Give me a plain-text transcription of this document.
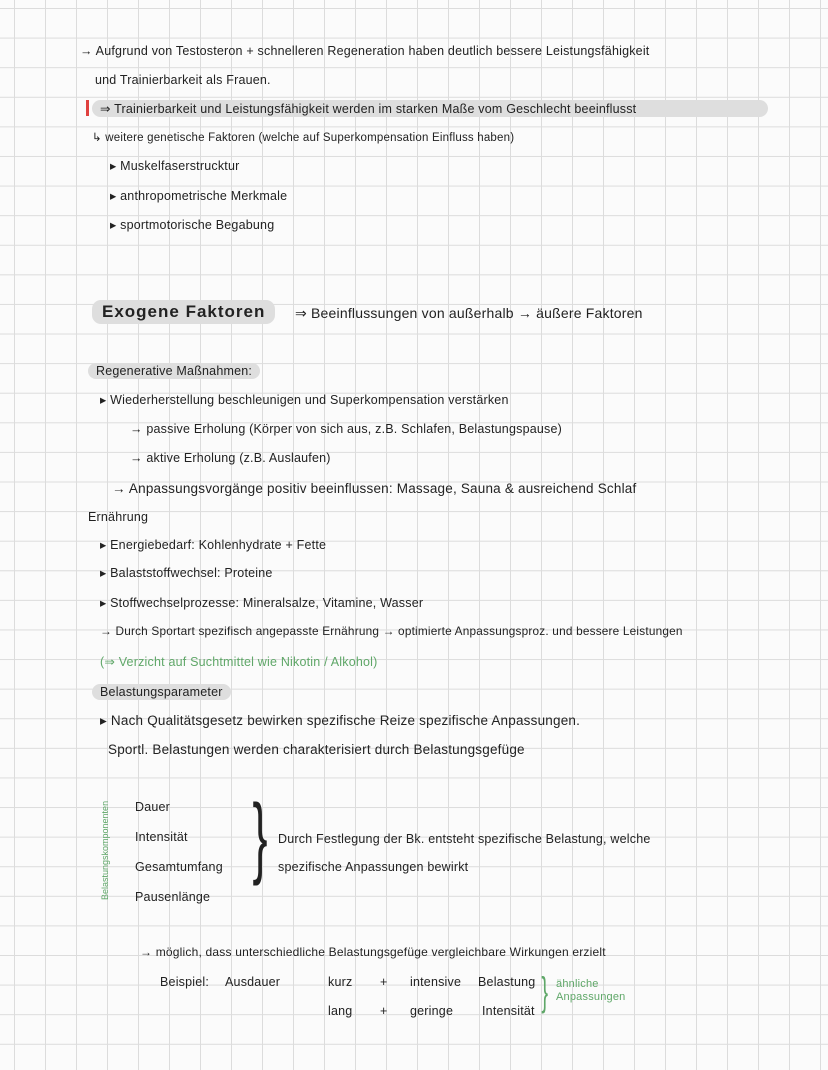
→ Aufgrund von Testosteron + schnelleren Regeneration haben deutlich bessere Leistungsfähigkeit
und Trainierbarkeit als Frauen.
⇒ Trainierbarkeit und Leistungsfähigkeit werden im starken Maße vom Geschlecht beeinflusst
↳ weitere genetische Faktoren (welche auf Superkompensation Einfluss haben)
▸ Muskelfaserstrucktur
▸ anthropometrische Merkmale
▸ sportmotorische Begabung
Exogene Faktoren	⇒ Beeinflussungen von außerhalb → äußere Faktoren
Regenerative Maßnahmen:
▸ Wiederherstellung beschleunigen und Superkompensation verstärken
→ passive Erholung (Körper von sich aus, z.B. Schlafen, Belastungspause)
→ aktive Erholung (z.B. Auslaufen)
→ Anpassungsvorgänge positiv beeinflussen: Massage, Sauna & ausreichend Schlaf
Ernährung
▸ Energiebedarf: Kohlenhydrate + Fette
▸ Balaststoffwechsel: Proteine
▸ Stoffwechselprozesse: Mineralsalze, Vitamine, Wasser
→ Durch Sportart spezifisch angepasste Ernährung → optimierte Anpassungsproz. und bessere Leistungen
(⇒ Verzicht auf Suchtmittel wie Nikotin / Alkohol)
Belastungsparameter
▸ Nach Qualitätsgesetz bewirken spezifische Reize spezifische Anpassungen.
Sportl. Belastungen werden charakterisiert durch Belastungsgefüge
Belastungskomponenten Dauer
Intensität
Gesamtumfang
Pausenlänge
} Durch Festlegung der Bk. entsteht spezifische Belastung, welche
spezifische Anpassungen bewirkt
→ möglich, dass unterschiedliche Belastungsgefüge vergleichbare Wirkungen erzielt
Beispiel: Ausdauer	kurz + intensive Belastung
lang + geringe Intensität } ähnliche Anpassungen
